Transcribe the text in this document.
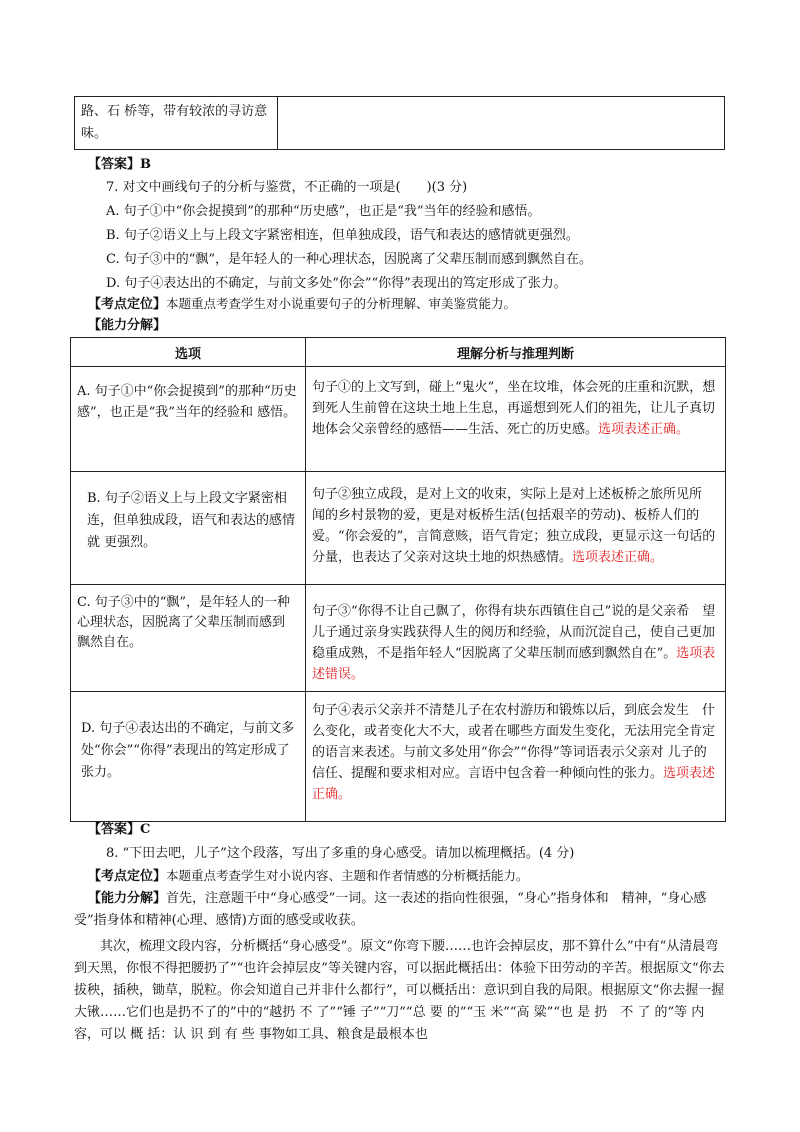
路、石 桥等，带有较浓的寻访意味。

【答案】B
7. 对文中画线句子的分析与鉴赏，不正确的一项是(　　)(3 分)
A. 句子①中“你会捉摸到”的那种“历史感”，也正是“我”当年的经验和感悟。
B. 句子②语义上与上段文字紧密相连，但单独成段，语气和表达的感情就更强烈。
C. 句子③中的“飘”，是年轻人的一种心理状态，因脱离了父辈压制而感到飘然自在。
D. 句子④表达出的不确定，与前文多处“你会”“你得”表现出的笃定形成了张力。
【考点定位】本题重点考查学生对小说重要句子的分析理解、审美鉴赏能力。
【能力分解】
选项	理解分析与推理判断

A. 句子①中“你会捉摸到”的那种“历史感”，也正是“我”当年的经验和 感悟。	句子①的上文写到，碰上“鬼火”，坐在坟堆，体会死的庄重和沉默，想到死人生前曾在这块土地上生息，再遥想到死人们的祖先，让儿子真切地体会父亲曾经的感悟——生活、死亡的历史感。选项表述正确。

B. 句子②语义上与上段文字紧密相连，但单独成段，语气和表达的感情就 更强烈。	句子②独立成段，是对上文的收束，实际上是对上述板桥之旅所见所　闻的乡村景物的爱，更是对板桥生活(包括艰辛的劳动)、板桥人们的　爱。“你会爱的”，言简意赅，语气肯定；独立成段，更显示这一句话的 分量，也表达了父亲对这块土地的炽热感情。选项表述正确。

C. 句子③中的“飘”，是年轻人的一种心理状态，因脱离了父辈压制而感到 飘然自在。	句子③“你得不让自己飘了，你得有块东西镇住自己”说的是父亲希　望儿子通过亲身实践获得人生的阅历和经验，从而沉淀自己，使自己更加稳重成熟，不是指年轻人“因脱离了父辈压制而感到飘然自在”。选项表述错误。

D. 句子④表达出的不确定，与前文多　处“你会”“你得”表现出的笃定形成了 张力。	句子④表示父亲并不清楚儿子在农村游历和锻炼以后，到底会发生　什么变化，或者变化大不大，或者在哪些方面发生变化，无法用完全肯定的语言来表述。与前文多处用“你会”“你得”等词语表示父亲对 儿子的信任、提醒和要求相对应。言语中包含着一种倾向性的张力。选项表述正确。
【答案】C
8. “下田去吧，儿子”这个段落，写出了多重的身心感受。请加以梳理概括。(4 分)
【考点定位】本题重点考查学生对小说内容、主题和作者情感的分析概括能力。
【能力分解】首先，注意题干中“身心感受”一词。这一表述的指向性很强，“身心”指身体和　精神，“身心感受”指身体和精神(心理、感情)方面的感受或收获。
其次，梳理文段内容，分析概括“身心感受”。原文“你弯下腰……也许会掉层皮，那不算什么”中有“从清晨弯到天黑，你恨不得把腰扔了”“也许会掉层皮”等关键内容，可以据此概括出：体验下田劳动的辛苦。根据原文“你去拔秧，插秧，锄草，脱粒。你会知道自己并非什么都行”，可以概括出：意识到自我的局限。根据原文“你去握一握大锹……它们也是扔不了的”中的“越扔 不 了”“锤 子”“刀”“总 要 的”“玉 米”“高 粱”“也 是 扔　不 了 的”等 内 容，可以 概 括：认 识 到 有 些 事物如工具、粮食是最根本也
